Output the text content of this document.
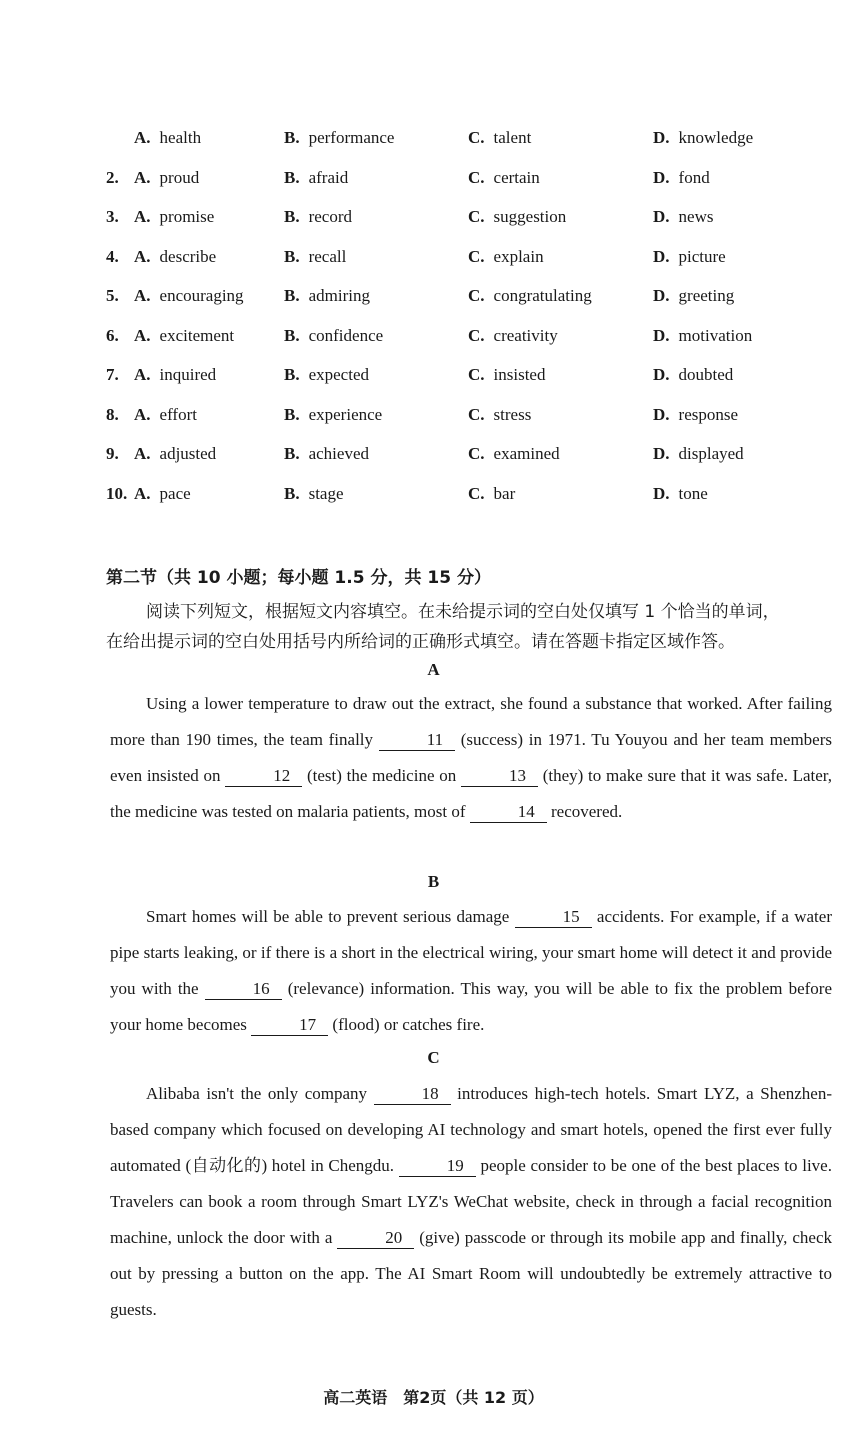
A. health	B. performance	C. talent	D. knowledge
2. A. proud	B. afraid	C. certain	D. fond
3. A. promise	B. record	C. suggestion	D. news
4. A. describe	B. recall	C. explain	D. picture
5. A. encouraging B. admiring	C. congratulating	D. greeting
6. A. excitement	B. confidence	C. creativity	D. motivation
7. A. inquired	B. expected	C. insisted	D. doubted
8. A. effort	B. experience	C. stress	D. response
9. A. adjusted	B. achieved	C. examined	D. displayed
10. A. pace	B. stage	C. bar	D. tone
第二节（共 10 小题；每小题 1.5 分，共 15 分）
阅读下列短文，根据短文内容填空。在未给提示词的空白处仅填写 1 个恰当的单词，
在给出提示词的空白处用括号内所给词的正确形式填空。请在答题卡指定区域作答。
A

Using a lower temperature to draw out the extract, she found a substance that worked. After failing more than 190 times, the team finally	11 (success) in 1971. Tu Youyou and her team members even insisted on	12 (test) the medicine on	13 (they) to make sure that it was safe. Later, the medicine was tested on malaria patients, most of	14 recovered.

B

Smart homes will be able to prevent serious damage	15 accidents. For example, if a water pipe starts leaking, or if there is a short in the electrical wiring, your smart home will detect it and provide you with the	16 (relevance) information. This way, you will be able to fix the problem before your home becomes	17 (flood) or catches fire.

C

Alibaba isn't the only company	18 introduces high-tech hotels. Smart LYZ, a Shenzhen-based company which focused on developing AI technology and smart hotels, opened the first ever fully automated (自动化的) hotel in Chengdu.	19 people consider to be one of the best places to live. Travelers can book a room through Smart LYZ's WeChat website, check in through a facial recognition machine, unlock the door with a	20 (give) passcode or through its mobile app and finally, check out by pressing a button on the app. The AI Smart Room will undoubtedly be extremely attractive to guests.

高二英语　第2页（共 12 页）
